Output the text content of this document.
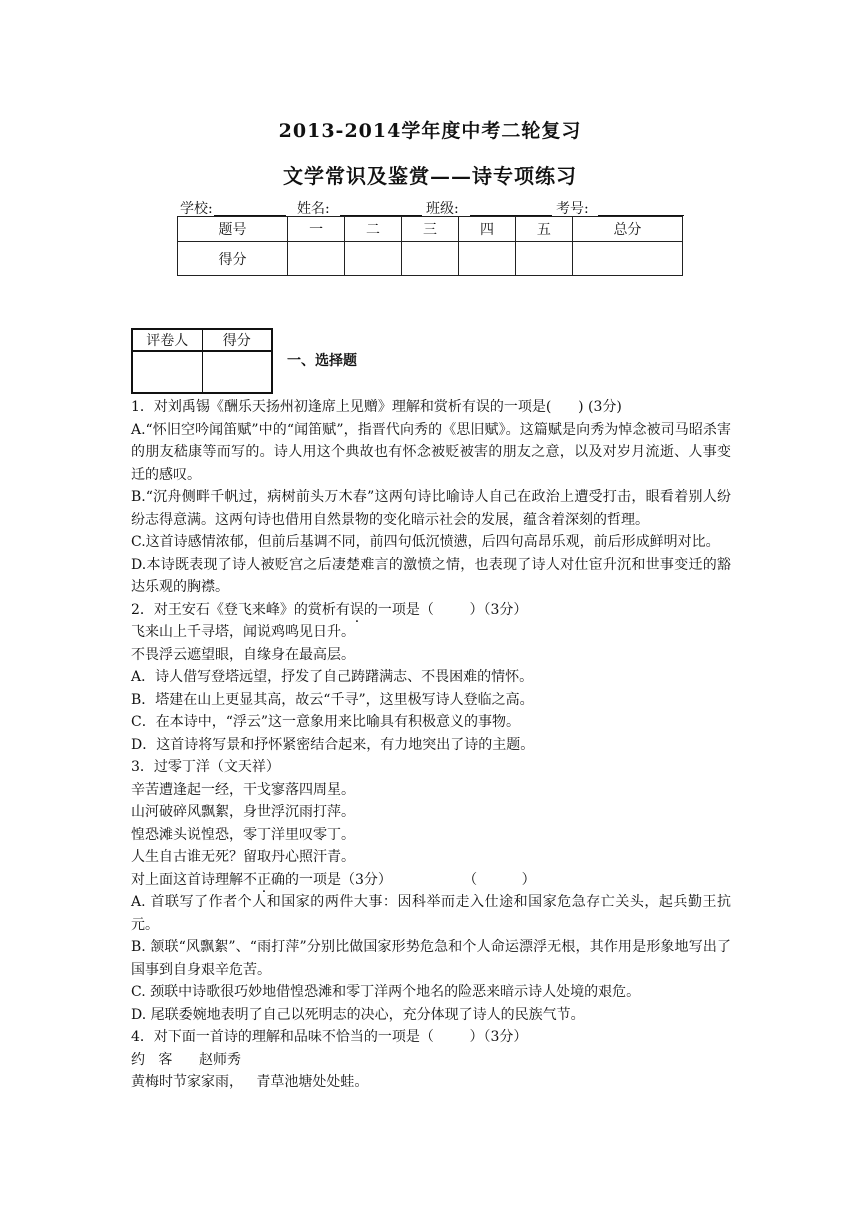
2013-2014学年度中考二轮复习
文学常识及鉴赏——诗专项练习
学校:	姓名:	班级:	考号:
题号	一	二	三	四	五	总分
得分						
评卷人	得分

一、选择题

1．对刘禹锡《酬乐天扬州初逢席上见赠》理解和赏析有误的一项是(      ) (3分)

A.“怀旧空吟闻笛赋”中的“闻笛赋”，指晋代向秀的《思旧赋》。这篇赋是向秀为悼念被司马昭杀害的朋友嵇康等而写的。诗人用这个典故也有怀念被贬被害的朋友之意，以及对岁月流逝、人事变迁的感叹。

B.“沉舟侧畔千帆过，病树前头万木春”这两句诗比喻诗人自己在政治上遭受打击，眼看着别人纷纷志得意满。这两句诗也借用自然景物的变化暗示社会的发展，蕴含着深刻的哲理。

C.这首诗感情浓郁，但前后基调不同，前四句低沉愤懑，后四句高昂乐观，前后形成鲜明对比。

D.本诗既表现了诗人被贬宫之后凄楚难言的激愤之情，也表现了诗人对仕宦升沉和世事变迁的豁达乐观的胸襟。

2．对王安石《登飞来峰》的赏析有误的一项是（        ）（3分）

飞来山上千寻塔，闻说鸡鸣见日升。

不畏浮云遮望眼，自缘身在最高层。

A．诗人借写登塔远望，抒发了自己踌躇满志、不畏困难的情怀。

B．塔建在山上更显其高，故云“千寻”，这里极写诗人登临之高。

C．在本诗中，“浮云”这一意象用来比喻具有积极意义的事物。

D．这首诗将写景和抒怀紧密结合起来，有力地突出了诗的主题。

3．过零丁洋（文天祥）

辛苦遭逢起一经，干戈寥落四周星。

山河破碎风飘絮，身世浮沉雨打萍。

惶恐滩头说惶恐，零丁洋里叹零丁。

人生自古谁无死？留取丹心照汗青。

对上面这首诗理解不正确的一项是（3分）                （          ）

A. 首联写了作者个人和国家的两件大事：因科举而走入仕途和国家危急存亡关头，起兵勤王抗元。

B. 颔联“风飘絮”、“雨打萍”分别比做国家形势危急和个人命运漂浮无根，其作用是形象地写出了国事到自身艰辛危苦。

C. 颈联中诗歌很巧妙地借惶恐滩和零丁洋两个地名的险恶来暗示诗人处境的艰危。

D. 尾联委婉地表明了自己以死明志的决心，充分体现了诗人的民族气节。

4．对下面一首诗的理解和品味不恰当的一项是（        ）（3分）

约   客      赵师秀

黄梅时节家家雨，   青草池塘处处蛙。
